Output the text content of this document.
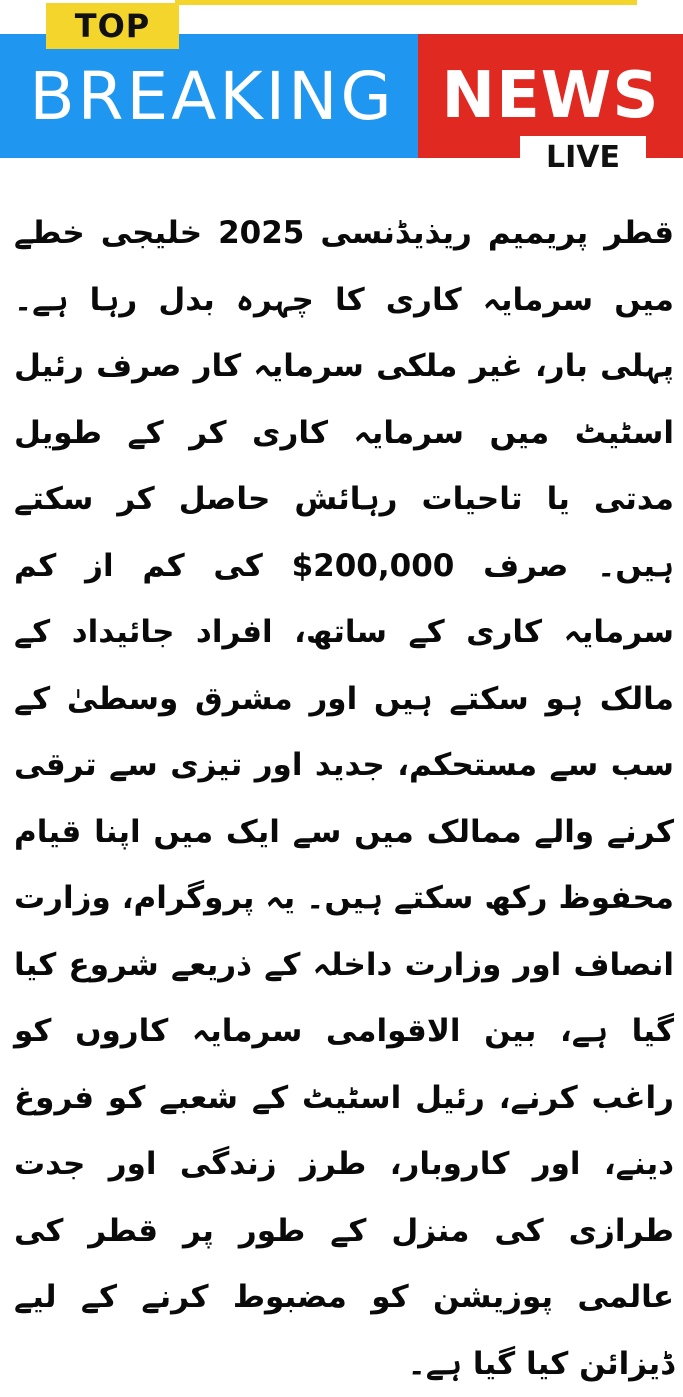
BREAKING NEWS
TOP
LIVE

قطر پریمیم ریذیڈنسی 2025 خلیجی خطے میں سرمایہ کاری کا چہرہ بدل رہا ہے۔ پہلی بار، غیر ملکی سرمایہ کار صرف رئیل اسٹیٹ میں سرمایہ کاری کر کے طویل مدتی یا تاحیات رہائش حاصل کر سکتے ہیں۔ صرف 200,000$ کی کم از کم سرمایہ کاری کے ساتھ، افراد جائیداد کے مالک ہو سکتے ہیں اور مشرق وسطیٰ کے سب سے مستحکم، جدید اور تیزی سے ترقی کرنے والے ممالک میں سے ایک میں اپنا قیام محفوظ رکھ سکتے ہیں۔ یہ پروگرام، وزارت انصاف اور وزارت داخلہ کے ذریعے شروع کیا گیا ہے، بین الاقوامی سرمایہ کاروں کو راغب کرنے، رئیل اسٹیٹ کے شعبے کو فروغ دینے، اور کاروبار، طرز زندگی اور جدت طرازی کی منزل کے طور پر قطر کی عالمی پوزیشن کو مضبوط کرنے کے لیے ڈیزائن کیا گیا ہے۔
